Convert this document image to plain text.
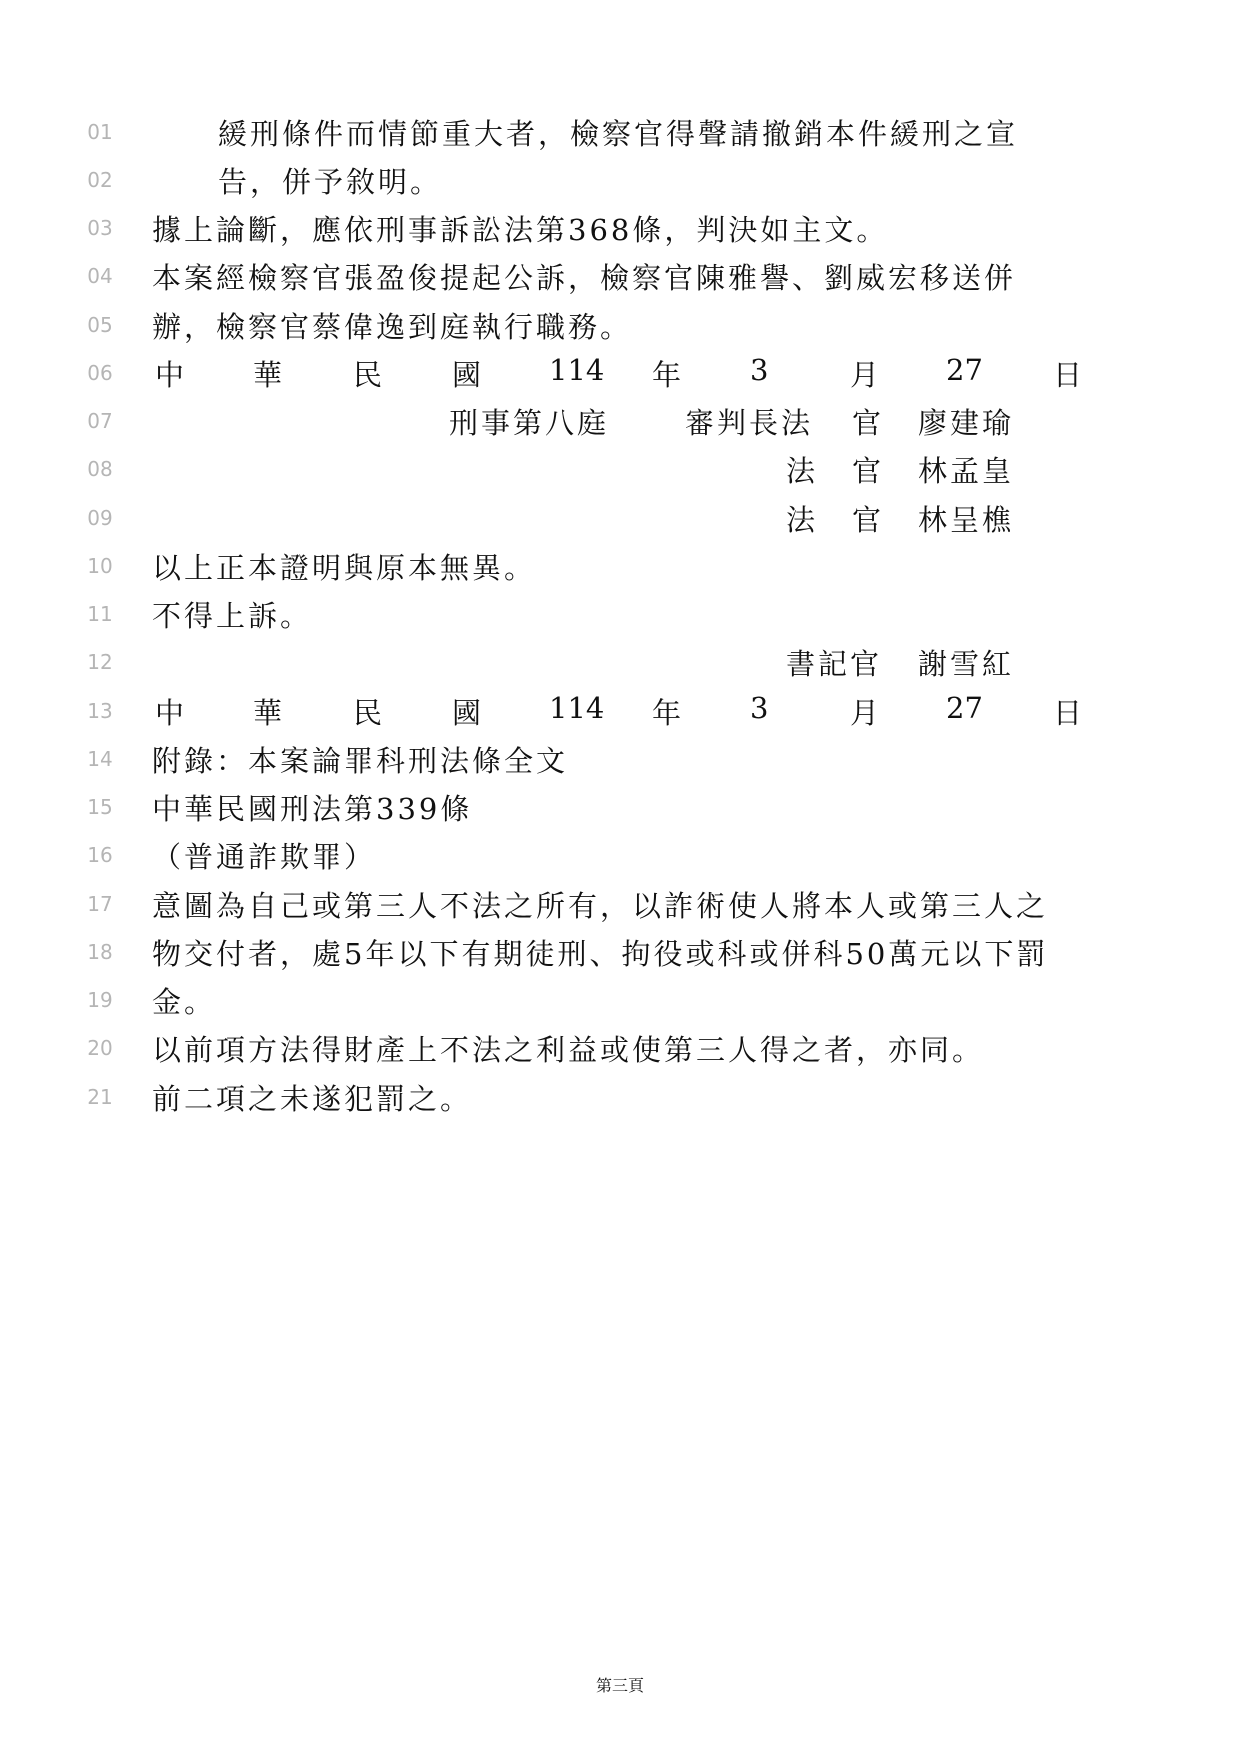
01
02
03
04
05
06
07
08
09
10
11
12
13
14
15
16
17
18
19
20
21
緩刑條件而情節重大者，檢察官得聲請撤銷本件緩刑之宣
告，併予敘明。
據上論斷，應依刑事訴訟法第368條，判決如主文。
本案經檢察官張盈俊提起公訴，檢察官陳雅譽、劉威宏移送併
辦，檢察官蔡偉逸到庭執行職務。
中 華 民 國 114 年 3	月 27 日
刑事第八庭	審判長法 官 廖建瑜
法 官 林孟皇
法 官 林呈樵
以上正本證明與原本無異。
不得上訴。
書記官 謝雪紅
中 華 民 國 114 年 3	月 27 日
附錄：本案論罪科刑法條全文
中華民國刑法第339條
（普通詐欺罪）
意圖為自己或第三人不法之所有，以詐術使人將本人或第三人之
物交付者，處5年以下有期徒刑、拘役或科或併科50萬元以下罰
金。
以前項方法得財產上不法之利益或使第三人得之者，亦同。
前二項之未遂犯罰之。
第三頁
